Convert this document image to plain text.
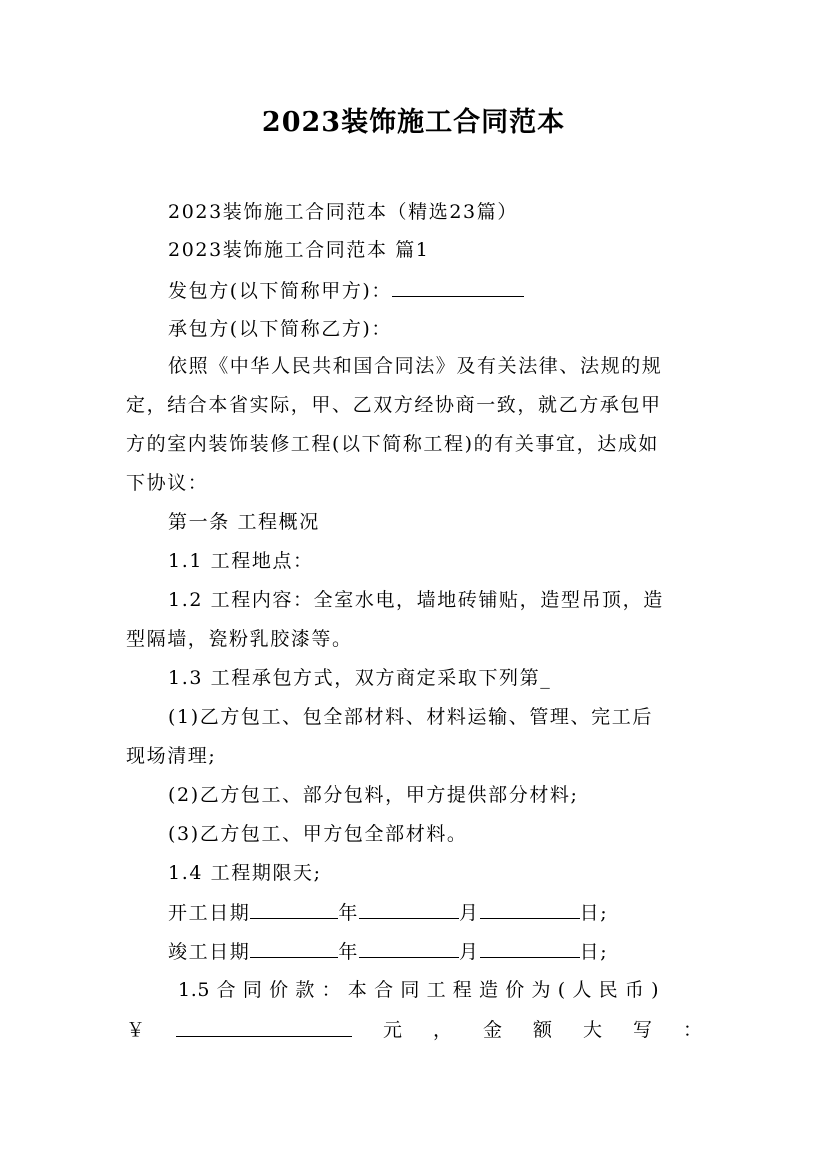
2023装饰施工合同范本
2023装饰施工合同范本（精选23篇）
2023装饰施工合同范本 篇1
发包方(以下简称甲方)：
承包方(以下简称乙方)：
依照《中华人民共和国合同法》及有关法律、法规的规
定，结合本省实际，甲、乙双方经协商一致，就乙方承包甲
方的室内装饰装修工程(以下简称工程)的有关事宜，达成如
下协议：
第一条 工程概况
1.1 工程地点：
1.2 工程内容：全室水电，墙地砖铺贴，造型吊顶，造
型隔墙，瓷粉乳胶漆等。
1.3 工程承包方式，双方商定采取下列第_
(1)乙方包工、包全部材料、材料运输、管理、完工后
现场清理;
(2)乙方包工、部分包料，甲方提供部分材料;
(3)乙方包工、甲方包全部材料。
1.4 工程期限天;
开工日期	年	月	日;
竣工日期	年	月	日;
1.5 合 同 价 款 ： 本 合 同 工 程 造 价 为 ( 人 民 币 )
￥	元 ， 金 额 大 写 ：
